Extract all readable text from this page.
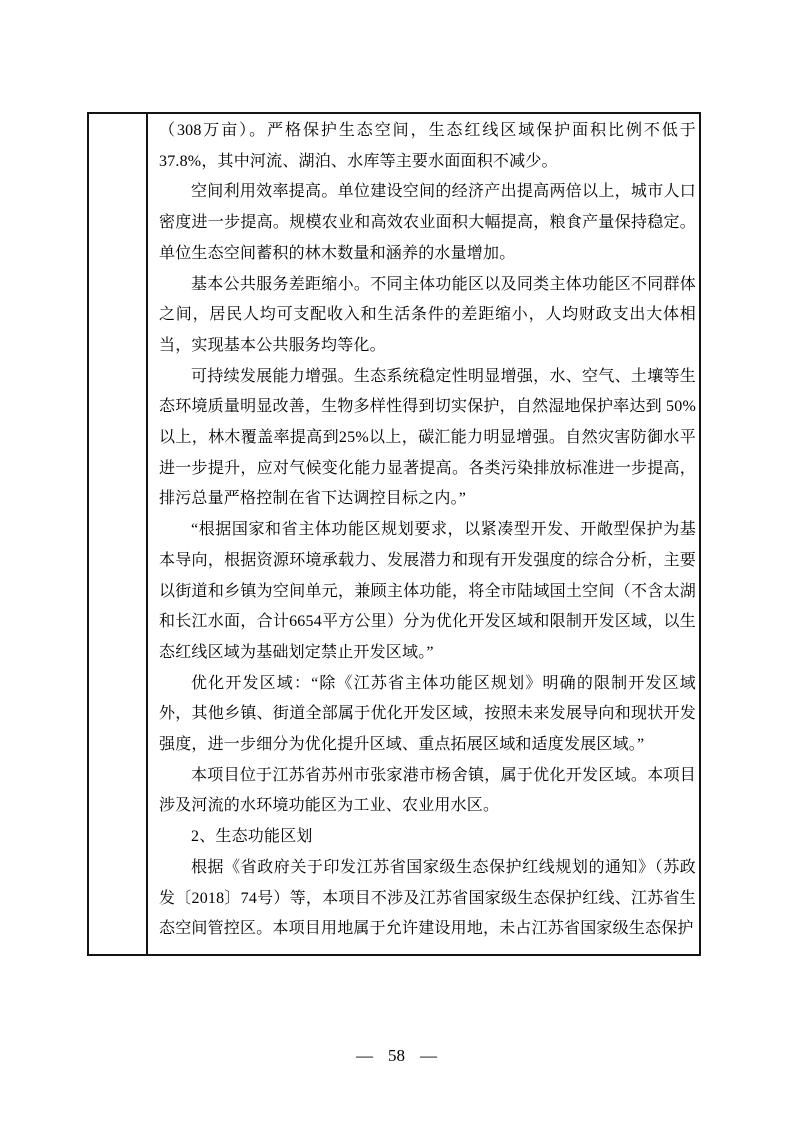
（308万亩）。严格保护生态空间，生态红线区域保护面积比例不低于37.8%，其中河流、湖泊、水库等主要水面面积不减少。

空间利用效率提高。单位建设空间的经济产出提高两倍以上，城市人口密度进一步提高。规模农业和高效农业面积大幅提高，粮食产量保持稳定。单位生态空间蓄积的林木数量和涵养的水量增加。

基本公共服务差距缩小。不同主体功能区以及同类主体功能区不同群体之间，居民人均可支配收入和生活条件的差距缩小，人均财政支出大体相当，实现基本公共服务均等化。

可持续发展能力增强。生态系统稳定性明显增强，水、空气、土壤等生态环境质量明显改善，生物多样性得到切实保护，自然湿地保护率达到 50%以上，林木覆盖率提高到25%以上，碳汇能力明显增强。自然灾害防御水平进一步提升，应对气候变化能力显著提高。各类污染排放标准进一步提高，排污总量严格控制在省下达调控目标之内。”

“根据国家和省主体功能区规划要求，以紧凑型开发、开敞型保护为基本导向，根据资源环境承载力、发展潜力和现有开发强度的综合分析，主要以街道和乡镇为空间单元，兼顾主体功能，将全市陆域国土空间（不含太湖和长江水面，合计6654平方公里）分为优化开发区域和限制开发区域，以生态红线区域为基础划定禁止开发区域。”

优化开发区域：“除《江苏省主体功能区规划》明确的限制开发区域外，其他乡镇、街道全部属于优化开发区域，按照未来发展导向和现状开发强度，进一步细分为优化提升区域、重点拓展区域和适度发展区域。”

本项目位于江苏省苏州市张家港市杨舍镇，属于优化开发区域。本项目涉及河流的水环境功能区为工业、农业用水区。

2、生态功能区划

根据《省政府关于印发江苏省国家级生态保护红线规划的通知》（苏政发〔2018〕74号）等，本项目不涉及江苏省国家级生态保护红线、江苏省生态空间管控区。本项目用地属于允许建设用地，未占江苏省国家级生态保护

— 58 —
